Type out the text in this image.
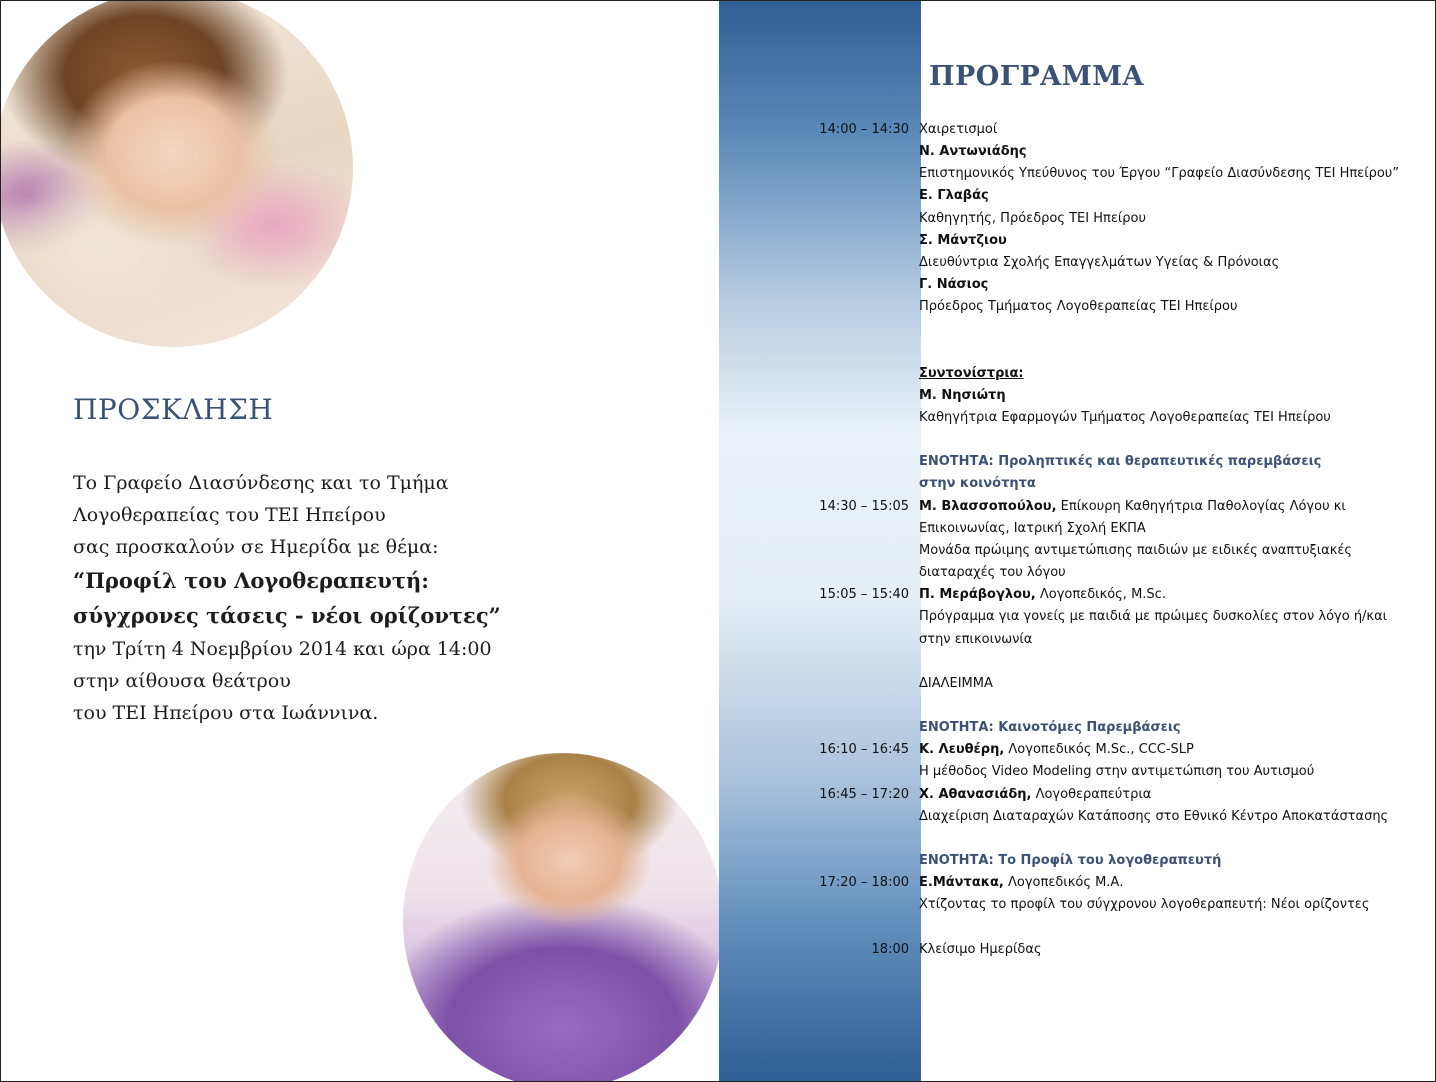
ΠΡΟΣΚΛΗΣΗ
Το Γραφείο Διασύνδεσης και το Τμήμα
Λογοθεραπείας του ΤΕΙ Ηπείρου
σας προσκαλούν σε Ημερίδα με θέμα:
“Προφίλ του Λογοθεραπευτή:
σύγχρονες τάσεις - νέοι ορίζοντες”
την Τρίτη 4 Νοεμβρίου 2014 και ώρα 14:00
στην αίθουσα θεάτρου
του ΤΕΙ Ηπείρου στα Ιωάννινα.
ΠΡΟΓΡΑΜΜΑ
14:00 – 14:30 Χαιρετισμοί
Ν. Αντωνιάδης
Επιστημονικός Υπεύθυνος του Έργου “Γραφείο Διασύνδεσης ΤΕΙ Ηπείρου”
Ε. Γλαβάς
Καθηγητής, Πρόεδρος ΤΕΙ Ηπείρου
Σ. Μάντζιου
Διευθύντρια Σχολής Επαγγελμάτων Υγείας & Πρόνοιας
Γ. Νάσιος
Πρόεδρος Τμήματος Λογοθεραπείας ΤΕΙ Ηπείρου
Συντονίστρια:
Μ. Νησιώτη
Καθηγήτρια Εφαρμογών Τμήματος Λογοθεραπείας ΤΕΙ Ηπείρου
ΕΝΟΤΗΤΑ: Προληπτικές και θεραπευτικές παρεμβάσεις
στην κοινότητα
14:30 – 15:05 Μ. Βλασσοπούλου, Επίκουρη Καθηγήτρια Παθολογίας Λόγου κι
Επικοινωνίας, Ιατρική Σχολή ΕΚΠΑ
Μονάδα πρώιμης αντιμετώπισης παιδιών με ειδικές αναπτυξιακές
διαταραχές του λόγου
15:05 – 15:40 Π. Μεράβογλου, Λογοπεδικός, M.Sc.
Πρόγραμμα για γονείς με παιδιά με πρώιμες δυσκολίες στον λόγο ή/και
στην επικοινωνία
ΔΙΑΛΕΙΜΜΑ
ΕΝΟΤΗΤΑ: Καινοτόμες Παρεμβάσεις
16:10 – 16:45 Κ. Λευθέρη, Λογοπεδικός M.Sc., CCC-SLP
Η μέθοδος Video Modeling στην αντιμετώπιση του Αυτισμού
16:45 – 17:20 Χ. Αθανασιάδη, Λογοθεραπεύτρια
Διαχείριση Διαταραχών Κατάποσης στο Εθνικό Κέντρο Αποκατάστασης
ΕΝΟΤΗΤΑ: Το Προφίλ του λογοθεραπευτή
17:20 – 18:00 Ε.Μάντακα, Λογοπεδικός Μ.Α.
Χτίζοντας το προφίλ του σύγχρονου λογοθεραπευτή: Νέοι ορίζοντες
18:00 Κλείσιμο Ημερίδας
